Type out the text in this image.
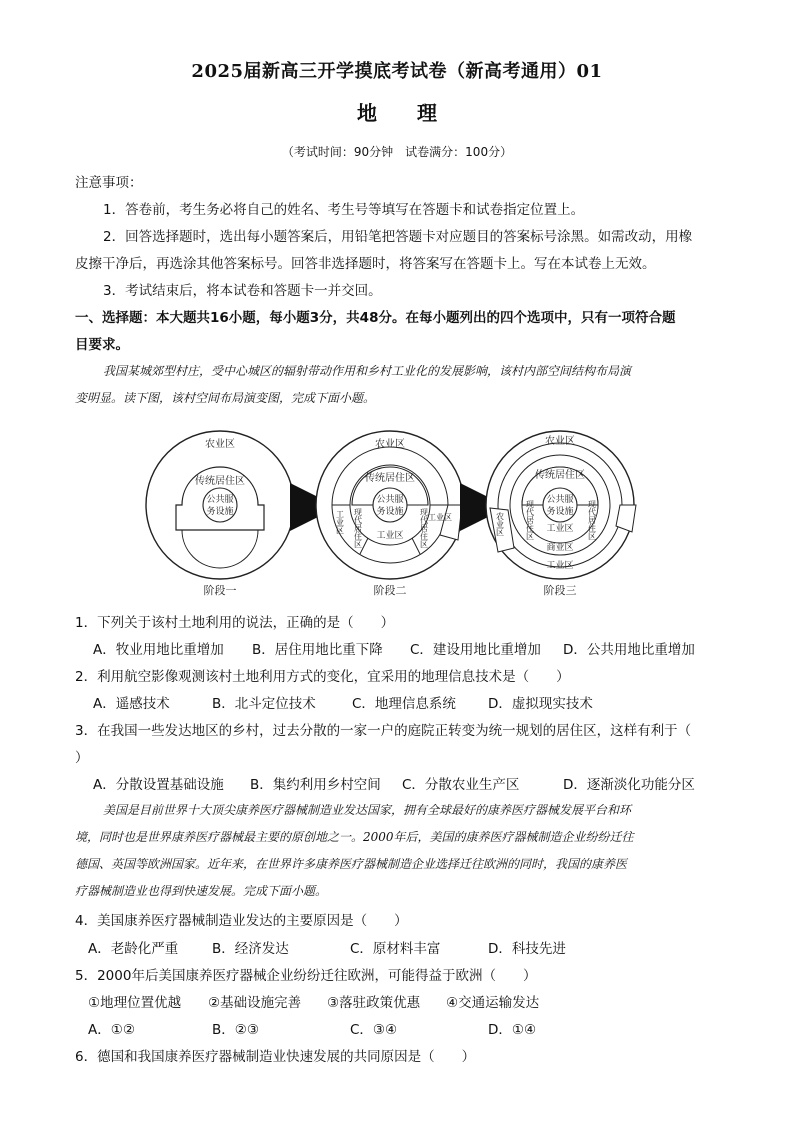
2025届新高三开学摸底考试卷（新高考通用）01
地理
（考试时间：90分钟　试卷满分：100分）
注意事项：
1．答卷前，考生务必将自己的姓名、考生号等填写在答题卡和试卷指定位置上。
2．回答选择题时，选出每小题答案后，用铅笔把答题卡对应题目的答案标号涂黑。如需改动，用橡
皮擦干净后，再选涂其他答案标号。回答非选择题时，将答案写在答题卡上。写在本试卷上无效。
3．考试结束后，将本试卷和答题卡一并交回。
一、选择题：本大题共16小题，每小题3分，共48分。在每小题列出的四个选项中，只有一项符合题
目要求。
我国某城郊型村庄，受中心城区的辐射带动作用和乡村工业化的发展影响，该村内部空间结构布局演
变明显。读下图，该村空间布局演变图，完成下面小题。
农业区
传统居住区
公共服
务设施
阶段一
农业区
传统居住区
公共服
务设施
现代居住区	现代居住区
工业区
工业区	工业区
阶段二
农业区
传统居住区
公共服
务设施
现代居住区	现代居住区
工业区
商业区
工业区
农业区
阶段三
1．下列关于该村土地利用的说法，正确的是（　　）
A．牧业用地比重增加 B．居住用地比重下降 C．建设用地比重增加 D．公共用地比重增加
2．利用航空影像观测该村土地利用方式的变化，宜采用的地理信息技术是（　　）
A．遥感技术	B．北斗定位技术	C．地理信息系统 D．虚拟现实技术
3．在我国一些发达地区的乡村，过去分散的一家一户的庭院正转变为统一规划的居住区，这样有利于（
）
A．分散设置基础设施 B．集约利用乡村空间 C．分散农业生产区	D．逐渐淡化功能分区
美国是目前世界十大顶尖康养医疗器械制造业发达国家，拥有全球最好的康养医疗器械发展平台和环
境，同时也是世界康养医疗器械最主要的原创地之一。2000年后，美国的康养医疗器械制造企业纷纷迁往
德国、英国等欧洲国家。近年来，在世界许多康养医疗器械制造企业选择迁往欧洲的同时，我国的康养医
疗器械制造业也得到快速发展。完成下面小题。
4．美国康养医疗器械制造业发达的主要原因是（　　）
A．老龄化严重	B．经济发达	C．原材料丰富	D．科技先进
5．2000年后美国康养医疗器械企业纷纷迁往欧洲，可能得益于欧洲（　　）
①地理位置优越 ②基础设施完善 ③落驻政策优惠 ④交通运输发达
A．①②	B．②③	C．③④	D．①④
6．德国和我国康养医疗器械制造业快速发展的共同原因是（　　）
